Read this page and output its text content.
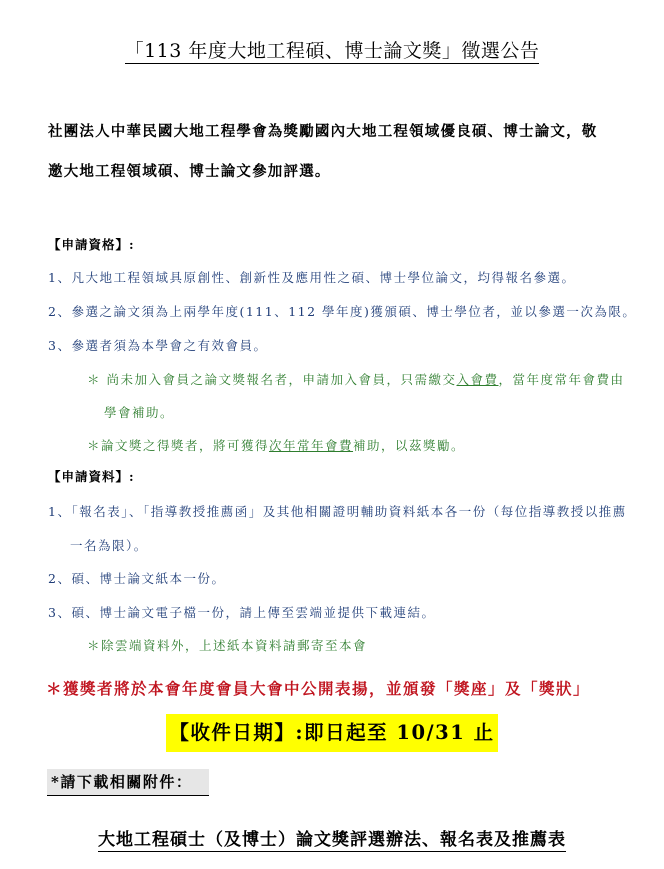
「113 年度大地工程碩、博士論文獎」徵選公告
社團法人中華民國大地工程學會為獎勵國內大地工程領域優良碩、博士論文，敬
邀大地工程領域碩、博士論文參加評選。
【申請資格】:
1、凡大地工程領域具原創性、創新性及應用性之碩、博士學位論文，均得報名參選。
2、參選之論文須為上兩學年度(111、112 學年度)獲頒碩、博士學位者，並以參選一次為限。
3、參選者須為本學會之有效會員。
＊ 尚未加入會員之論文獎報名者，申請加入會員，只需繳交入會費，當年度常年會費由
學會補助。
＊論文獎之得獎者，將可獲得次年常年會費補助，以茲獎勵。
【申請資料】:
1、「報名表」、「指導教授推薦函」及其他相關證明輔助資料紙本各一份（每位指導教授以推薦
一名為限）。
2、碩、博士論文紙本一份。
3、碩、博士論文電子檔一份，請上傳至雲端並提供下載連結。
＊除雲端資料外，上述紙本資料請郵寄至本會
＊獲獎者將於本會年度會員大會中公開表揚，並頒發「獎座」及「獎狀」
【收件日期】:即日起至 10/31 止
*請下載相關附件：
大地工程碩士（及博士）論文獎評選辦法、報名表及推薦表
